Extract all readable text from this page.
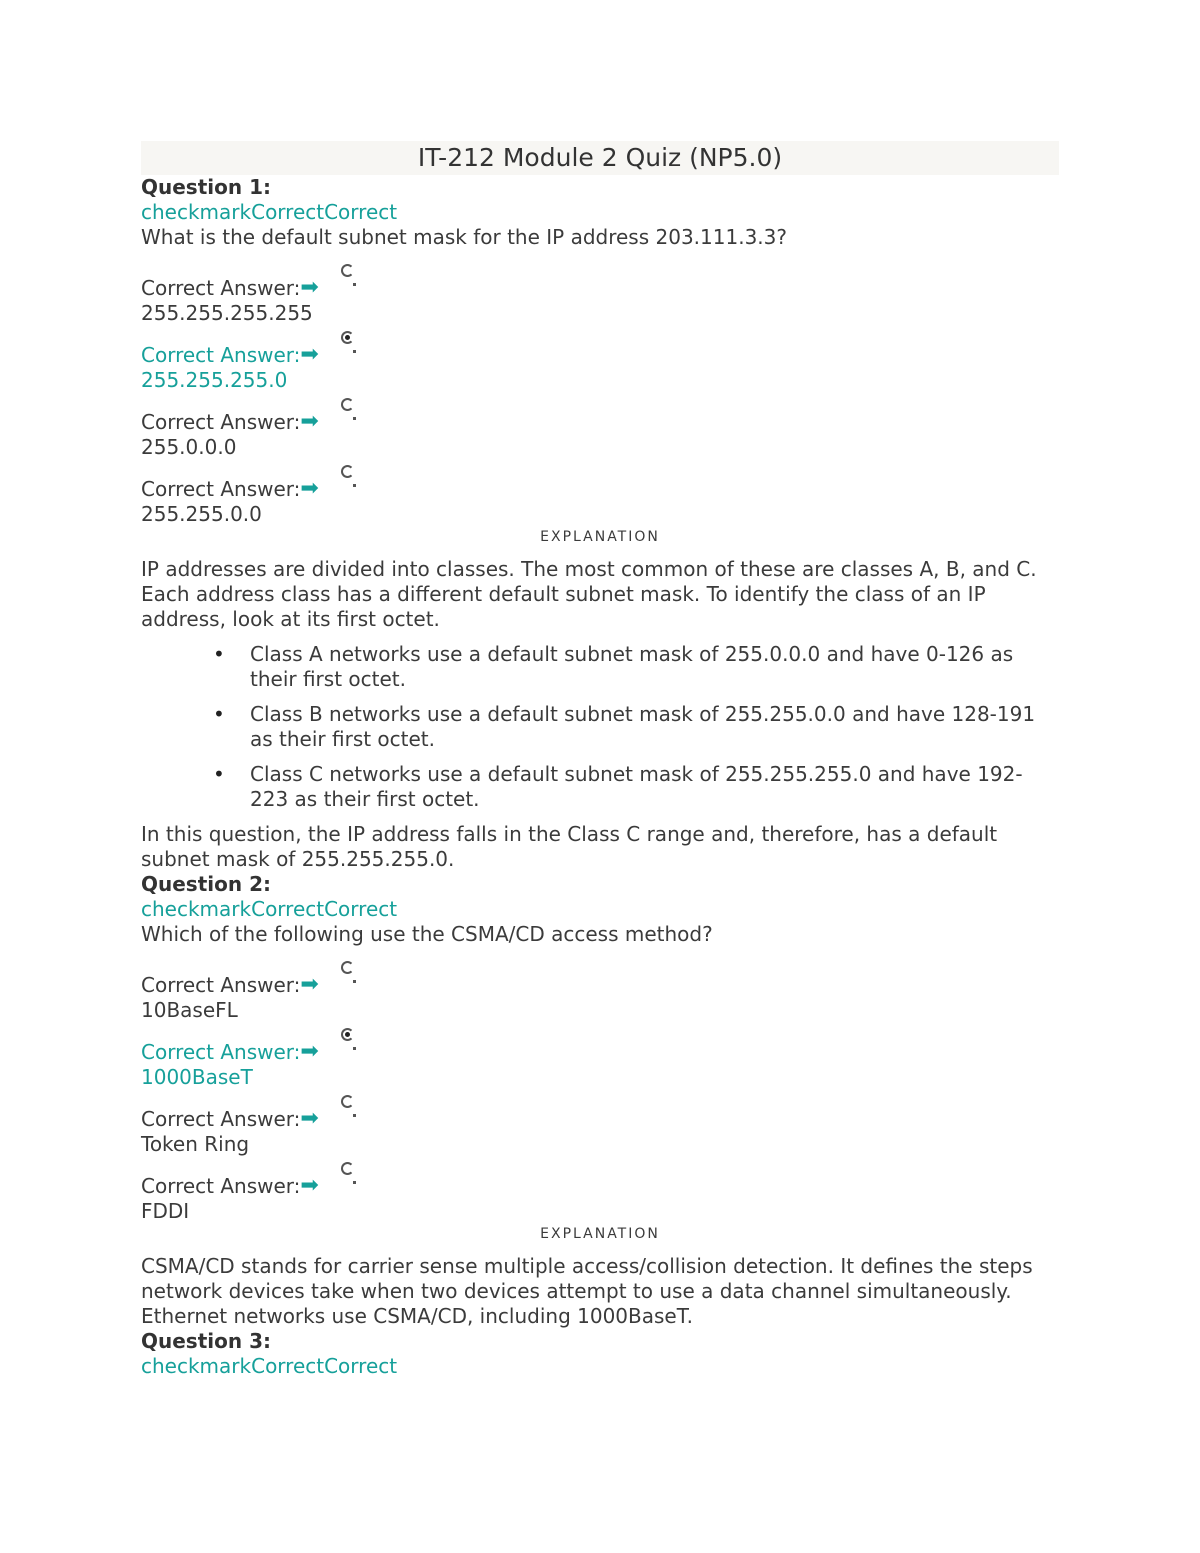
IT-212 Module 2 Quiz (NP5.0)
Question 1:
checkmarkCorrectCorrect
What is the default subnet mask for the IP address 203.111.3.3?
Correct Answer:➡
255.255.255.255
Correct Answer:➡
255.255.255.0
Correct Answer:➡
255.0.0.0
Correct Answer:➡
255.255.0.0
EXPLANATION
IP addresses are divided into classes. The most common of these are classes A, B, and C. Each address class has a different default subnet mask. To identify the class of an IP address, look at its first octet.
• Class A networks use a default subnet mask of 255.0.0.0 and have 0-126 as their first octet.
• Class B networks use a default subnet mask of 255.255.0.0 and have 128-191 as their first octet.
• Class C networks use a default subnet mask of 255.255.255.0 and have 192-223 as their first octet.
In this question, the IP address falls in the Class C range and, therefore, has a default subnet mask of 255.255.255.0.
Question 2:
checkmarkCorrectCorrect
Which of the following use the CSMA/CD access method?
Correct Answer:➡
10BaseFL
Correct Answer:➡
1000BaseT
Correct Answer:➡
Token Ring
Correct Answer:➡
FDDI
EXPLANATION
CSMA/CD stands for carrier sense multiple access/collision detection. It defines the steps network devices take when two devices attempt to use a data channel simultaneously. Ethernet networks use CSMA/CD, including 1000BaseT.
Question 3:
checkmarkCorrectCorrect
